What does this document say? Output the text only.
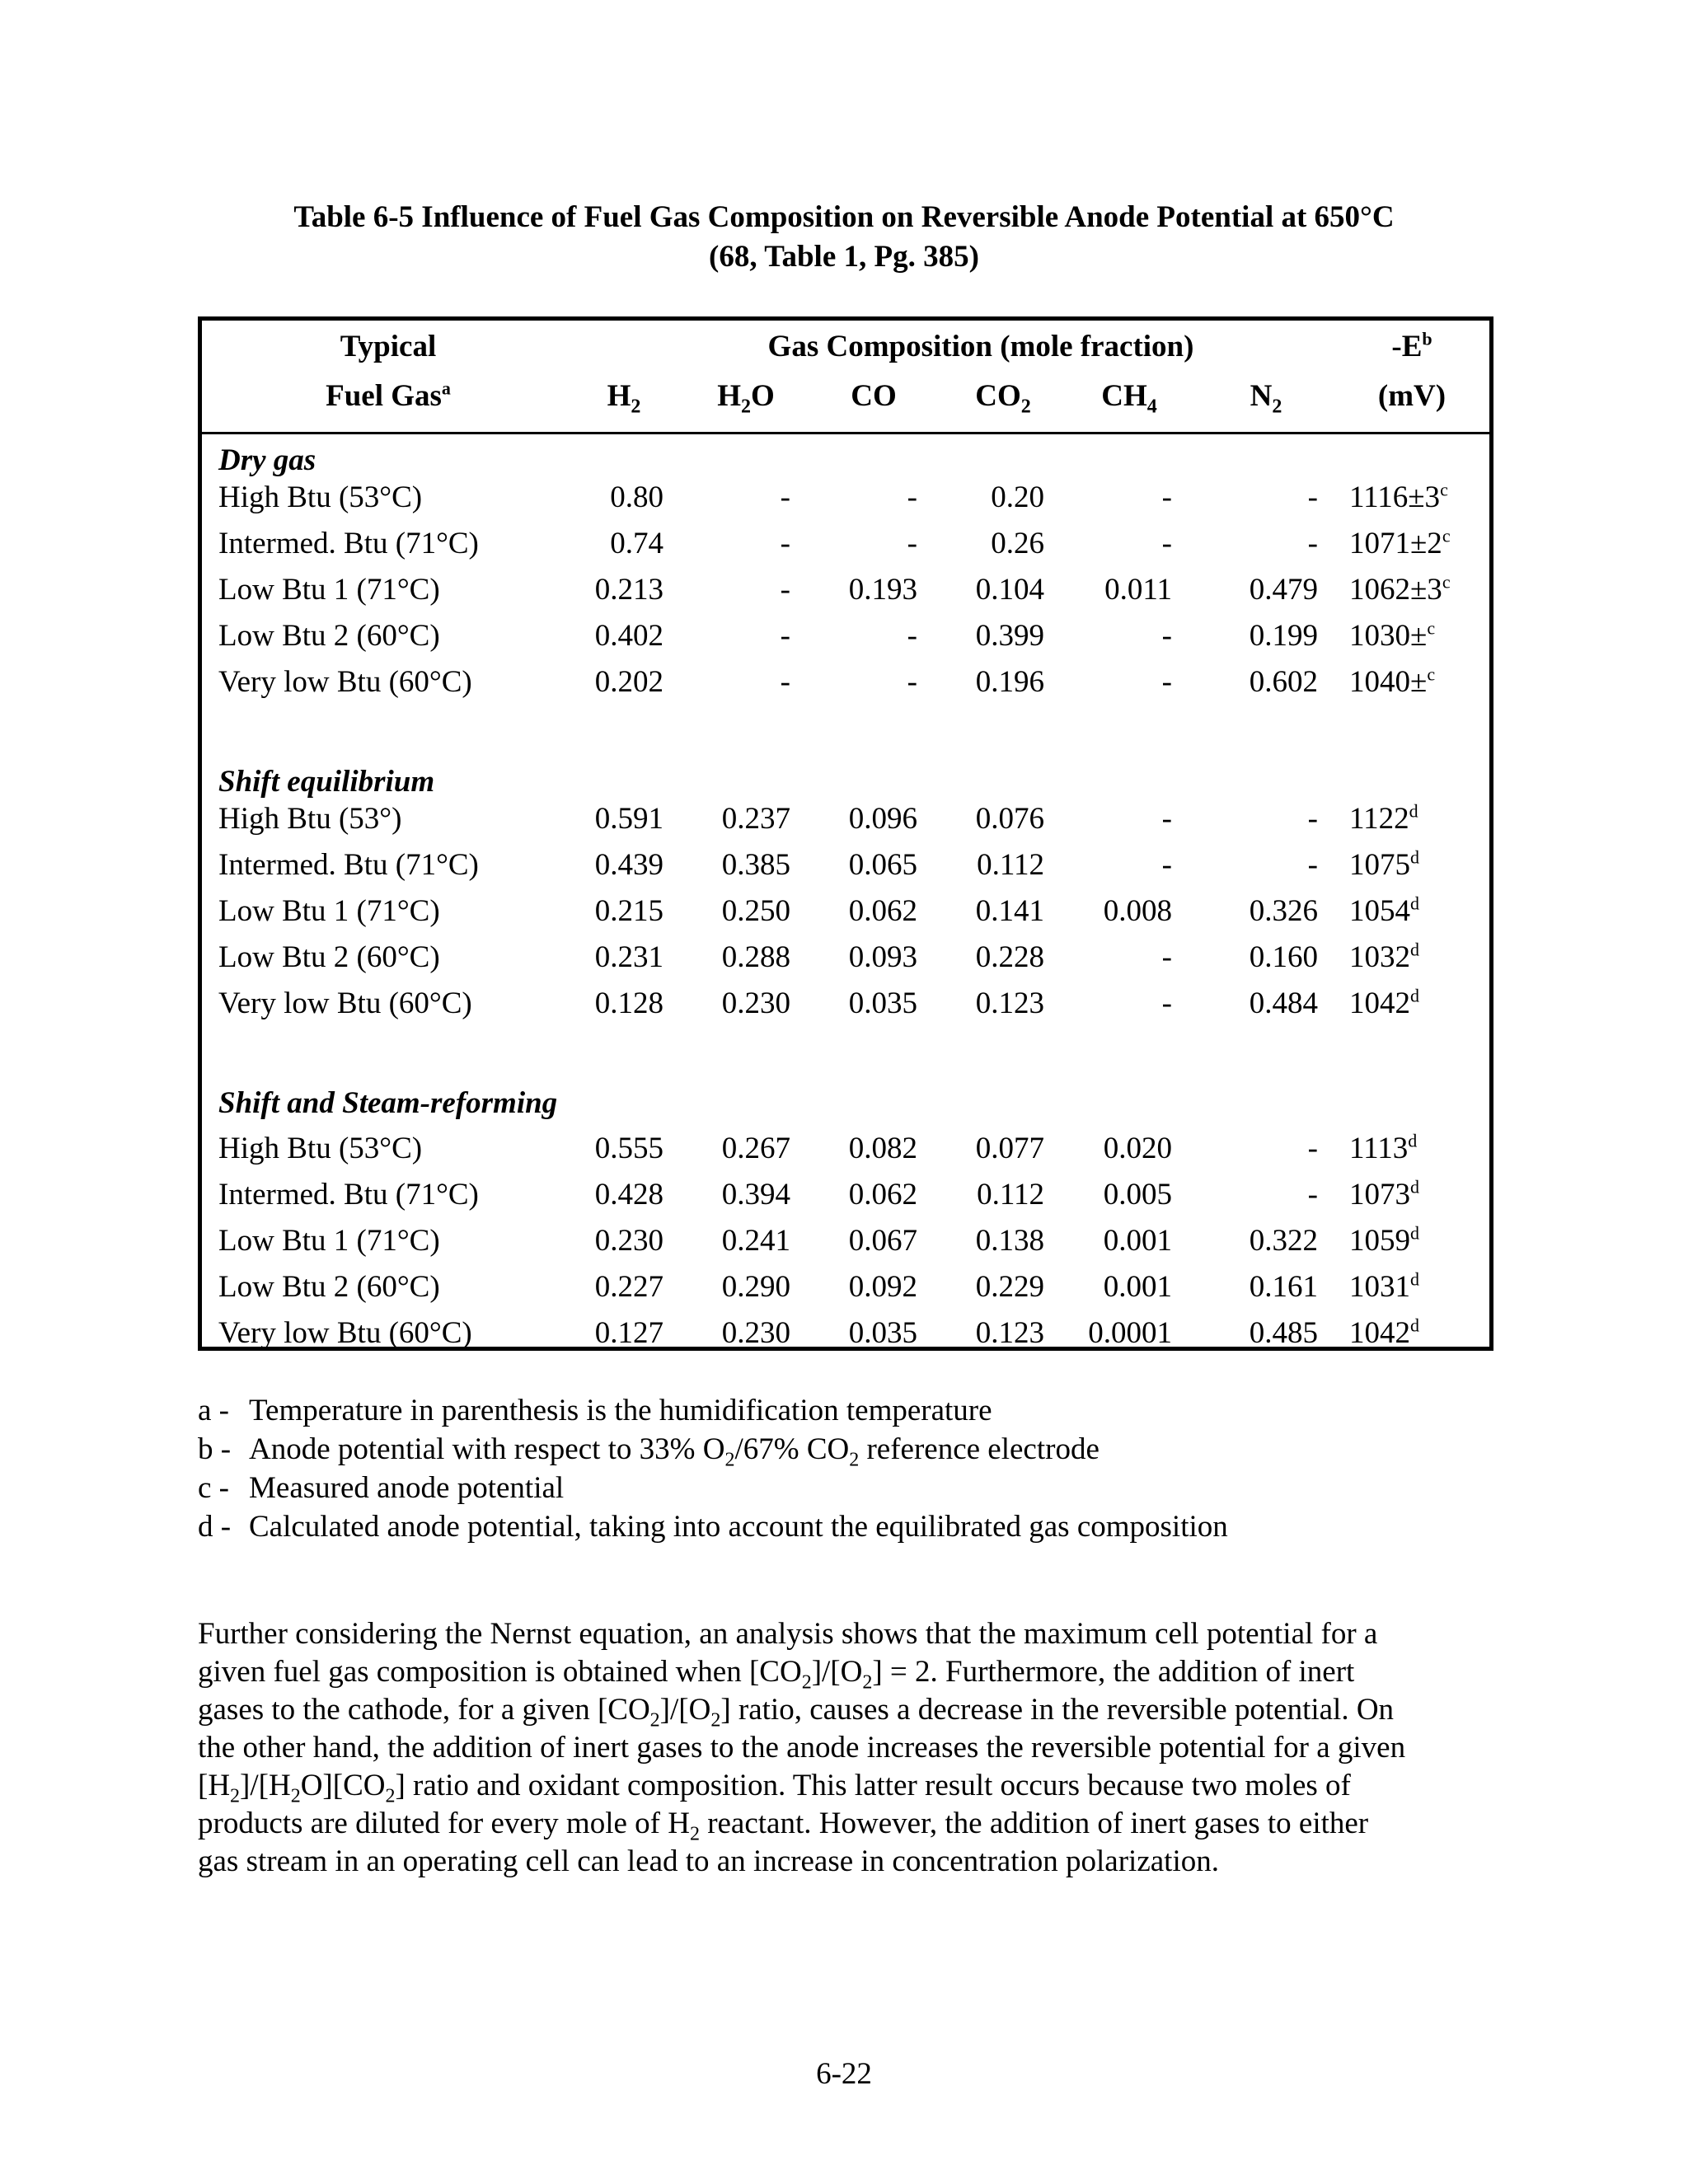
Table 6-5 Influence of Fuel Gas Composition on Reversible Anode Potential at 650°C
(68, Table 1, Pg. 385)
Typical
Fuel Gas$^a$
Gas Composition (mole fraction)	$-E^b$
(mV)
$H_2$	$H_2O$ CO	$CO_2$ $CH_4$	$N_2$
Dry gas
High Btu (53°C)	0.80	-	- 0.20	-	- $1116\pm 3^c$
Intermed. Btu (71°C)	0.74	-	- 0.26	-	- $1071\pm 2^c$
Low Btu 1 (71°C)	0.213	- 0.193 0.104 0.011	0.479 $1062\pm 3^c$
Low Btu 2 (60°C)	0.402	-	- 0.399	-	0.199 1030±$^c$
Very low Btu (60°C)	0.202	-	- 0.196	-	0.602 1040±$^c$
Shift equilibrium
High Btu (53°)	0.591 0.237 0.096 0.076	-	- 1122$^d$
Intermed. Btu (71°C)	0.439 0.385 0.065 0.112	-	- 1075$^d$
Low Btu 1 (71°C)	0.215 0.250 0.062 0.141 0.008	0.326 1054$^d$
Low Btu 2 (60°C)	0.231 0.288 0.093 0.228	-	0.160 1032$^d$
Very low Btu (60°C)	0.128 0.230 0.035 0.123	-	0.484 1042$^d$
Shift and Steam-reforming
High Btu (53°C)	0.555 0.267 0.082 0.077 0.020	- 1113$^d$
Intermed. Btu (71°C)	0.428 0.394 0.062 0.112 0.005	- 1073$^d$
Low Btu 1 (71°C)	0.230 0.241 0.067 0.138 0.001	0.322 1059$^d$
Low Btu 2 (60°C)	0.227 0.290 0.092 0.229 0.001	0.161 1031$^d$
Very low Btu (60°C)	0.127 0.230 0.035 0.123 0.0001	0.485 1042$^d$
a - Temperature in parenthesis is the humidification temperature
b - Anode potential with respect to 33% $O_2/67\%$ $CO_2$ reference electrode
c - Measured anode potential
d - Calculated anode potential, taking into account the equilibrated gas composition

Further considering the Nernst equation, an analysis shows that the maximum cell potential for a

given fuel gas composition is obtained when $[CO_2]/[O_2] = 2$. Furthermore, the addition of inert

gases to the cathode, for a given $[CO_2]/[O_2]$ ratio, causes a decrease in the reversible potential. On

the other hand, the addition of inert gases to the anode increases the reversible potential for a given

$[H_2]/[H_2O][CO_2]$ ratio and oxidant composition. This latter result occurs because two moles of

products are diluted for every mole of $H_2$ reactant. However, the addition of inert gases to either

gas stream in an operating cell can lead to an increase in concentration polarization.

6-22
